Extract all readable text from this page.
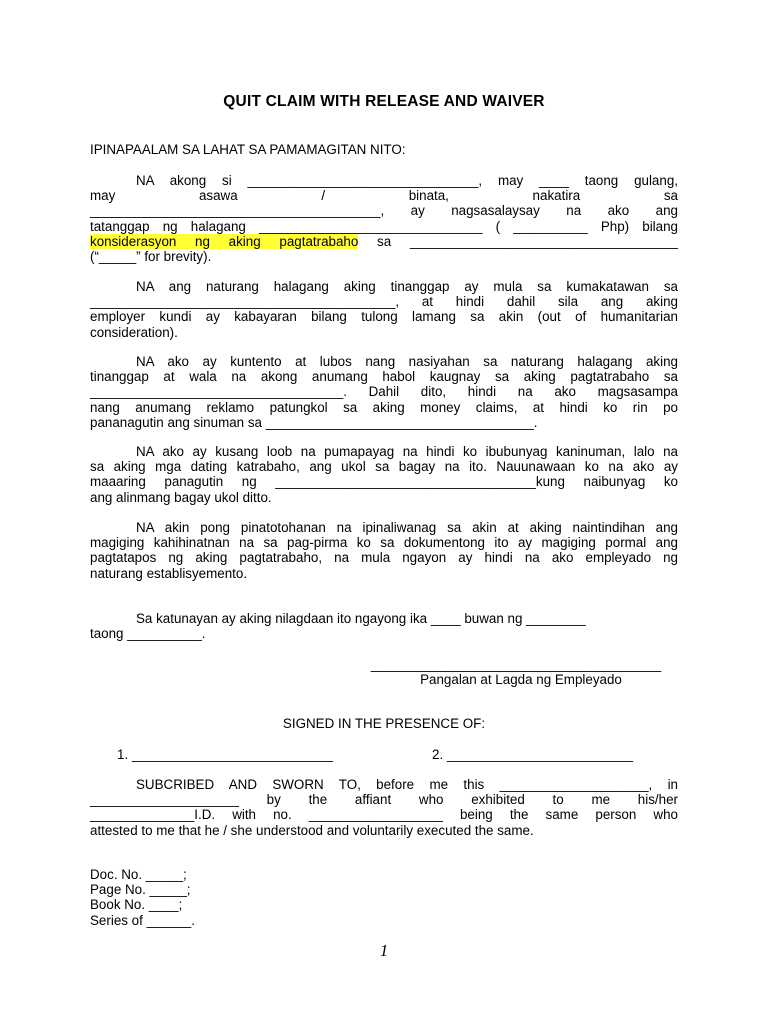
QUIT CLAIM WITH RELEASE AND WAIVER
IPINAPAALAM SA LAHAT SA PAMAMAGITAN NITO:
NA akong si _______________________________, may ____ taong gulang,
may asawa / binata, nakatira sa
_______________________________________, ay nagsasalaysay na ako ang
tatanggap ng halagang ______________________________ ( __________ Php) bilang
konsiderasyon ng aking pagtatrabaho sa ____________________________________
(“_____” for brevity).
NA ang naturang halagang aking tinanggap ay mula sa kumakatawan sa
_________________________________________, at hindi dahil sila ang aking
employer kundi ay kabayaran bilang tulong lamang sa akin (out of humanitarian
consideration).
NA ako ay kuntento at lubos nang nasiyahan sa naturang halagang aking
tinanggap at wala na akong anumang habol kaugnay sa aking pagtatrabaho sa
__________________________________. Dahil dito, hindi na ako magsasampa
nang anumang reklamo patungkol sa aking money claims, at hindi ko rin po
pananagutin ang sinuman sa ____________________________________.
NA ako ay kusang loob na pumapayag na hindi ko ibubunyag kaninuman, lalo na
sa aking mga dating katrabaho, ang ukol sa bagay na ito. Nauunawaan ko na ako ay
maaaring panagutin ng ___________________________________kung naibunyag ko
ang alinmang bagay ukol ditto.
NA akin pong pinatotohanan na ipinaliwanag sa akin at aking naintindihan ang
magiging kahihinatnan na sa pag-pirma ko sa dokumentong ito ay magiging pormal ang
pagtatapos ng aking pagtatrabaho, na mula ngayon ay hindi na ako empleyado ng
naturang establisyemento.
Sa katunayan ay aking nilagdaan ito ngayong ika ____ buwan ng ________
taong __________.
_______________________________________
Pangalan at Lagda ng Empleyado
SIGNED IN THE PRESENCE OF:
1. ___________________________	2. _________________________
SUBCRIBED AND SWORN TO, before me this ____________________, in
____________________ by the affiant who exhibited to me his/her
______________I.D. with no. __________________ being the same person who
attested to me that he / she understood and voluntarily executed the same.
Doc. No. _____;
Page No. _____;
Book No. ____;
Series of ______.
1
